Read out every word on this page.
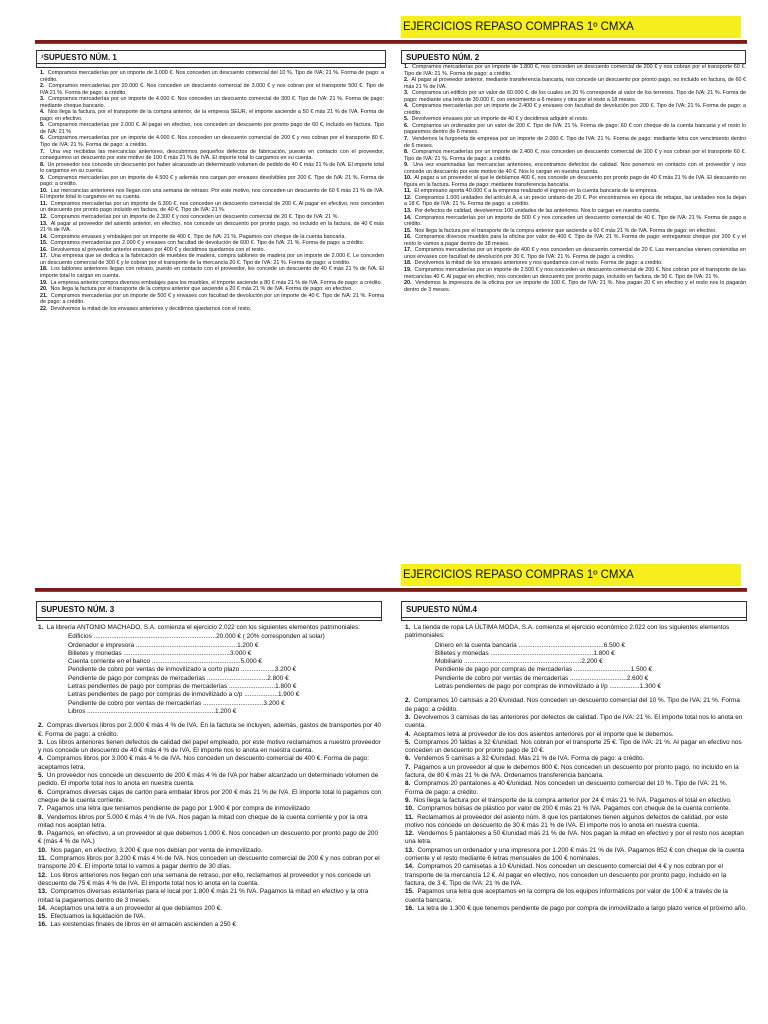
EJERCICIOS REPASO COMPRAS 1º CMXA
¹SUPUESTO NÚM. 1

1. Compramos mercaderías por un importe de 3.000 €. Nos conceden un descuento comercial del 10 %. Tipo de IVA: 21 %. Forma de pago: a crédito.

2. Compramos mercaderías por 20.000 €. Nos conceden un descuento comercial de 3.000 € y nos cobran por el transporte 500 €. Tipo de IVA:21 %. Forma de pago: a crédito.

3. Compramos mercaderías por un importe de 4.000 €. Nos conceden un descuento comercial de 300 €. Tipo de IVA: 21 %. Forma de pago: mediante cheque bancario.

4. Nos llega la factura, por el transporte de la compra anterior, de la empresa SEUR, el importe asciende a 50 € más 21 % de IVA. Forma de pago: en efectivo.

5. Compramos mercaderías por 2.000 €. Al pagar en efectivo, nos conceden un descuento por pronto pago de 60 €, incluido en factura. Tipo de IVA: 21 %

6. Compramos mercaderías por un importe de 4.000 €. Nos conceden un descuento comercial de 200 € y nos cobran por el transporte 80 €. Tipo de IVA: 21 %. Forma de pago: a crédito.

7. Una vez recibidas las mercancías anteriores, descubrimos pequeños defectos de fabricación, puesto en contacto con el proveedor, conseguimos un descuento por este motivo de 100 € más 21 % de IVA. El importe total lo cargamos en su cuenta.

8. Un proveedor nos concede un descuento por haber alcanzado un determinado volumen de pedido de 40 € más 21 % de IVA. El importe total lo cargamos en su cuenta.

9. Compramos mercaderías por un importe de 4.500 € y además nos cargan por envases devolvibles por 200 €. Tipo de IVA: 21 %. Forma de pago: a crédito.

10. Las mercancías anteriores nos llegan con una semana de retraso. Por este motivo, nos conceden un descuento de 60 € más 21 % de IVA. El importe total lo cargamos en su cuenta.

11. Compramos mercaderías por un importe de 6.300 €, nos conceden un descuento comercial de 200 €. Al pagar en efectivo, nos conceden un descuento por pronto pago incluido en factura, de 40 €. Tipo de IVA: 21 %.

12. Compramos mercaderías por un importe de 2.300 € y nos conceden un descuento comercial de 20 €. Tipo de IVA: 21 %.

13. Al pagar al proveedor del asiento anterior, en efectivo, nos concede un descuento por pronto pago, no incluido en la factura, de 40 € más 21 % de IVA.

14. Compramos envases y embalajes por un importe de 400 €. Tipo de IVA: 21 %. Pagamos con cheque de la cuenta bancaria.

15. Compramos mercaderías por 2.000 € y envases con facultad de devolución de 600 €. Tipo de IVA: 21 %. Forma de pago: a crédito.

16. Devolvemos al proveedor anterior envases por 400 € y decidimos quedarnos con el resto.

17. Una empresa que se dedica a la fabricación de muebles de madera, compra tablones de madera por un importe de 2.000 €. Le conceden un descuento comercial de 300 € y le cobran por el transporte de la mercancía 20 €. Tipo de IVA: 21 %. Forma de pago: a crédito.

18. Los tablones anteriores llegan con retraso, puesto en contacto con el proveedor, les concede un descuento de 40 € más 21 % de IVA. El importe total lo cargan en cuenta.

19. La empresa anterior compra diversos embalajes para los muebles, el importe asciende a 80 € más 21 % de IVA. Forma de pago: a crédito.

20. Nos llega la factura por el transporte de la compra anterior que asciende a 20 € más 21 % de IVA. Forma de pago: en efectivo.

21. Compramos mercaderías por un importe de 500 € y envases con facultad de devolución por un importe de 40 €. Tipo de IVA: 21 %. Forma de pago: a crédito.

22. Devolvemos la mitad de los envases anteriores y decidimos quedarnos con el resto.

SUPUESTO NÚM. 2

1. Compramos mercaderías por un importe de 1.800 €, nos conceden un descuento comercial de 200 € y nos cobran por el transporte 60 €. Tipo de IVA: 21 %. Forma de pago: a crédito.

2. Al pagar al proveedor anterior, mediante transferencia bancaria, nos concede un descuento por pronto pago, no incluido en factura, de 60 € más 21 % de IVA.

3. Compramos un edificio por un valor de 60.000 €, de los cuales un 20 % corresponde al valor de los terrenos. Tipo de IVA: 21 %. Forma de pago: mediante una letra de 30.000 €, con vencimiento a 6 meses y otra por el resto a 18 meses.

4. Compramos mercaderías por un importe de 2.400 € y envases con facultad de devolución por 200 €. Tipo de IVA: 21 %. Forma de pago: a crédito.

5. Devolvemos envases por un importe de 40 € y decidimos adquirir el resto.

6. Compramos un ordenador por un valor de 200 €. Tipo de IVA: 21 %. Forma de pago: 60 € con cheque de la cuenta bancaria y el resto lo pagaremos dentro de 6 meses.

7. Vendemos la furgoneta de empresa por un importe de 2.000 €. Tipo de IVA: 21 %. Forma de pago: mediante letra con vencimiento dentro de 6 meses.

8. Compramos mercaderías por un importe de 2.400 €, nos conceden un descuento comercial de 100 € y nos cobran por el transporte 60 €. Tipo de IVA: 21 %. Forma de pago: a crédito.

9. Una vez examinadas las mercancías anteriores, encontramos defectos de calidad. Nos ponemos en contacto con el proveedor y nos concede un descuento por este motivo de 40 €. Nos lo cargan en nuestra cuenta.

10. Al pagar a un proveedor al que le debíamos 400 €, nos concede un descuento por pronto pago de 40 € más 21 % de IVA. El descuento no figura en la factura. Forma de pago: mediante transferencia bancaria.

11. El empresario aporta 40.000 € a la empresa realizado el ingreso en la cuenta bancaria de la empresa.

12. Compramos 1.000 unidades del artículo A, a un precio unitario de 20 €. Por encontrarnos en época de rebajas, las unidades nos la dejan a 18 €. Tipo de IVA: 21 %. Forma de pago: a crédito.

13. Por defectos de calidad, devolvemos 100 unidades de las anteriores. Nos lo cargan en nuestra cuenta.

14. Compramos mercaderías por un importe de 500 € y nos conceden un descuento comercial de 40 €. Tipo de IVA: 21 %. Forma de pago a crédito.

15. Nos llega la factura por el transporte de la compra anterior que asciende a 60 € más 21 % de IVA. Forma de pago: en efectivo.

16. Compramos diversos muebles para la oficina por valor de 400 €. Tipo de IVA: 21 %. Forma de pago: entregamos cheque por 200 € y el resto lo vamos a pagar dentro de 18 meses.

17. Compramos mercaderías por un importe de 400 € y nos conceden un descuento comercial de 20 €. Las mercancías vienen contenidas en unos envases con facultad de devolución por 30 €. Tipo de IVA: 21 %. Forma de pago: a crédito.

18. Devolvemos la mitad de los envases anteriores y nos quedamos con el resto. Forma de pago: a crédito.

19. Compramos mercaderías por un importe de 2.500 € y nos conceden un descuento comercial de 200 €. Nos cobran por el transporte de las mercancías 40 €. Al pagar en efectivo, nos conceden un descuento por pronto pago, incluido en factura, de 50 €. Tipo de IVA: 21 %.

20. Vendemos la impresora de la oficina por un importe de 100 €. Tipo de IVA: 21 %. Nos pagan 20 € en efectivo y el resto nos lo pagarán dentro de 3 meses.

EJERCICIOS REPASO COMPRAS 1º CMXA
SUPUESTO NÚM. 3

1. La librería ANTONIO MACHADO, S.A. comienza el ejercicio 2.022 con los siguientes elementos patrimoniales:

• Edificios .....................................................................20.000 € ( 20% corresponden al solar)
• Ordenador e impresora .........................................................1.200 €
• Billetes y monedas ............................................................3.000 €
• Cuenta corriente en el banco ..................................................5.000 €
• Pendiente de cobro por ventas de inmovilizado a corto plazo ...................3.200 €
• Pendiente de pago por compras de mercaderías ..................................2.800 €
• Letras pendientes de pago por compras de mercaderías ..........................1.800 €
• Letras pendientes de pago por compras de inmovilizado a c/p ...................1.900 €
• Pendiente de cobro por ventas de mercaderías ..................................3.200 €
• Libros ........................................................................1.200 €

2. Compras diversos libros por 2.000 € más 4 % de IVA. En la factura se incluyen, además, gastos de transportes por 40 €. Forma de pago: a crédito.

3. Los libros anteriores tienen defectos de calidad del papel empleado, por este motivo reclamamos a nuestro proveedor y nos concede un descuento de 40 € más 4 % de IVA. El importe nos lo anota en nuestra cuenta.

4. Compramos libros por 3.000 € más 4 % de IVA. Nos conceden un descuento comercial de 400 €. Forma de pago: aceptamos letra.

5. Un proveedor nos concede un descuento de 200 € más 4 % de IVA por haber alcanzado un determinado volumen de pedido. El importe total nos lo anota en nuestra cuenta.

6. Compramos diversas cajas de cartón para embalar libros por 200 € más 21 % de IVA. El importe total lo pagamos con cheque de la cuenta corriente.

7. Pagamos una letra que teníamos pendiente de pago por 1.900 € por compra de inmovilizado

8. Vendemos libros por 5.000 € más 4 % de IVA. Nos pagan la mitad con cheque de la cuenta corriente y por la otra mitad nos aceptan letra.

9. Pagamos, en efectivo, a un proveedor al que debemos 1.000 €. Nos conceden un descuento por pronto pago de 200 € (más 4 % de IVA.)

10. Nos pagan, en efectivo, 3.200 € que nos debían por venta de inmovilizado.

11. Compramos libros por 3.200 € más 4 % de IVA. Nos conceden un descuento comercial de 200 € y nos cobran por el transporte 20 €. El importe total lo vamos a pagar dentro de 30 días.

12. Los libros anteriores nos llegan con una semana de retraso, por ello, reclamamos al proveedor y nos concede un descuento de 75 € más 4 % de IVA. El importe total nos lo anota en la cuenta.

13. Compramos diversas estanterías para el local por 1.800 € más 21 % IVA. Pagamos la mitad en efectivo y la otra mitad la pagaremos dentro de 3 meses.

14. Aceptamos una letra a un proveedor al que debíamos 200 €.

15. Efectuamos la liquidación de IVA.

16. Las existencias finales de libros en el almacén ascienden a 250 €

SUPUESTO NÚM.4

1. La tienda de ropa LA ÚLTIMA MODA, S.A. comienza el ejercicio económico 2.022 con los siguientes elementos patrimoniales:

• Dinero en la cuenta bancaria ................................................6.500 €
• Billetes y monedas ..........................................................1.800 €
• Mobiliario ..................................................................2.200 €
• Pendiente de pago por compras de mercaderías ................................1.500 €
• Pendiente de cobro por ventas de mercaderías ................................2.600 €
• Letras pendientes de pago por compras de inmovilizado a l/p .................1.300 €

2. Compramos 10 camisas a 20 €/unidad. Nos conceden un descuento comercial del 10 %. Tipo de IVA: 21 %. Forma de pago: a crédito.

3. Devolvemos 3 camisas de las anteriores por defectos de calidad. Tipo de IVA: 21 %. El importe total nos lo anota en cuenta.

4. Aceptamos letra al proveedor de los dos asientos anteriores por el importe que le debemos.

5. Compramos 20 faldas a 32 €/unidad. Nos cobran por el transporte 25 €. Tipo de IVA: 21 %. Al pagar en efectivo nos conceden un descuento por pronto pago de 10 €.

6. Vendemos 5 camisas a 32 €/unidad. Más 21 % de IVA. Forma de pago: a crédito.

7. Pagamos a un proveedor al que le debemos 800 €. Nos conceden un descuento por pronto pago, no incluido en la factura, de 80 € más 21 % de IVA. Ordenamos transferencia bancaria.

8. Compramos 20 pantalones a 40 €/unidad. Nos conceden un descuento comercial del 10 %. Tipo de IVA: 21 %. Forma de pago: a crédito.

9. Nos llega la factura por el transporte de la compra anterior por 24 € más 21 % IVA. Pagamos el total en efectivo.

10. Compramos bolsas de plástico por valor de 200 € más 21 % IVA. Pagamos con cheque de la cuenta corriente.

11. Reclamamos al proveedor del asiento núm. 8 que los pantalones tienen algunos defectos de calidad, por este motivo nos concede un descuento de 30 € más 21 % de IVA. El importe nos lo anota en nuestra cuenta.

12. Vendemos 5 pantalones a 50 €/unidad más 21 % de IVA. Nos pagan la mitad en efectivo y por el resto nos aceptan una letra.

13. Compramos un ordenador y una impresora por 1.200 € más 21 % de IVA. Pagamos 852 € con cheque de la cuenta corriente y el resto mediante 6 letras mensuales de 100 € nominales.

14. Compramos 20 camisetas a 10 €/unidad. Nos conceden un descuento comercial del 4 € y nos cobran por el transporte de la mercancía 12 €. Al pagar en efectivo, nos conceden un descuento por pronto pago, incluido en la factura, de 3 €. Tipo de IVA: 21 % de IVA.

15. Pagamos una letra que aceptamos en la compra de los equipos informáticos por valor de 100 € a través de la cuenta bancaria.

16. La letra de 1.300 € que tenemos pendiente de pago por compra de inmovilizado a largo plazo vence el próximo año.
